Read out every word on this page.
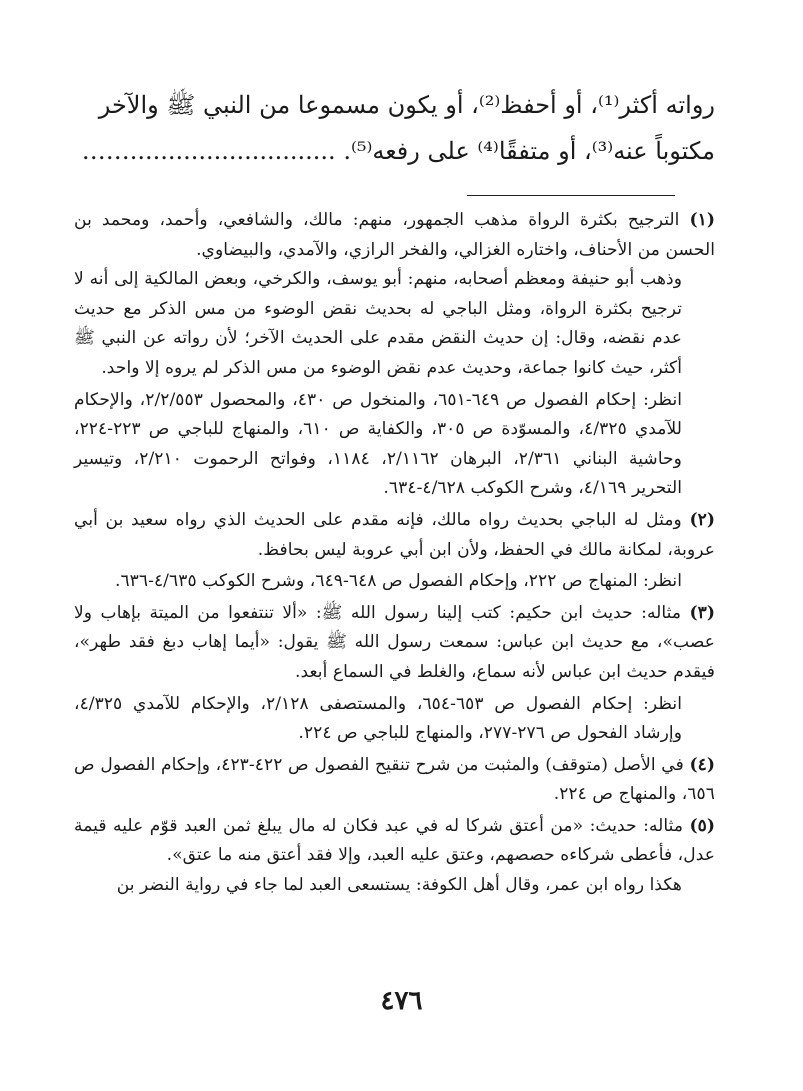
رواته أكثر⁽¹⁾، أو أحفظ⁽²⁾، أو يكون مسموعا من النبي ﷺ والآخر

مكتوباً عنه⁽³⁾، أو متفقًا⁽⁴⁾ على رفعه⁽⁵⁾. ...........................……

(١) الترجيح بكثرة الرواة مذهب الجمهور، منهم: مالك، والشافعي، وأحمد، ومحمد بن الحسن من الأحناف، واختاره الغزالي، والفخر الرازي، والآمدي، والبيضاوي.

وذهب أبو حنيفة ومعظم أصحابه، منهم: أبو يوسف، والكرخي، وبعض المالكية إلى أنه لا ترجيح بكثرة الرواة، ومثل الباجي له بحديث نقض الوضوء من مس الذكر مع حديث عدم نقضه، وقال: إن حديث النقض مقدم على الحديث الآخر؛ لأن رواته عن النبي ﷺ أكثر، حيث كانوا جماعة، وحديث عدم نقض الوضوء من مس الذكر لم يروه إلا واحد.

انظر: إحكام الفصول ص ٦٤٩-٦٥١، والمنخول ص ٤٣٠، والمحصول ٢/٢/٥٥٣، والإحكام للآمدي ٤/٣٢٥، والمسوّدة ص ٣٠٥، والكفاية ص ٦١٠، والمنهاج للباجي ص ٢٢٣-٢٢٤، وحاشية البناني ٢/٣٦١، البرهان ٢/١١٦٢، ١١٨٤، وفواتح الرحموت ٢/٢١٠، وتيسير التحرير ٤/١٦٩، وشرح الكوكب ٤/٦٢٨-٦٣٤.

(٢) ومثل له الباجي بحديث رواه مالك، فإنه مقدم على الحديث الذي رواه سعيد بن أبي عروبة، لمكانة مالك في الحفظ، ولأن ابن أبي عروبة ليس بحافظ.

انظر: المنهاج ص ٢٢٢، وإحكام الفصول ص ٦٤٨-٦٤٩، وشرح الكوكب ٤/٦٣٥-٦٣٦.

(٣) مثاله: حديث ابن حكيم: كتب إلينا رسول الله ﷺ: «ألا تنتفعوا من الميتة بإهاب ولا عصب»، مع حديث ابن عباس: سمعت رسول الله ﷺ يقول: «أيما إهاب دبغ فقد طهر»، فيقدم حديث ابن عباس لأنه سماع، والغلط في السماع أبعد.

انظر: إحكام الفصول ص ٦٥٣-٦٥٤، والمستصفى ٢/١٢٨، والإحكام للآمدي ٤/٣٢٥، وإرشاد الفحول ص ٢٧٦-٢٧٧، والمنهاج للباجي ص ٢٢٤.

(٤) في الأصل (متوقف) والمثبت من شرح تنقيح الفصول ص ٤٢٢-٤٢٣، وإحكام الفصول ص ٦٥٦، والمنهاج ص ٢٢٤.

(٥) مثاله: حديث: «من أعتق شركا له في عبد فكان له مال يبلغ ثمن العبد قوّم عليه قيمة عدل، فأعطى شركاءه حصصهم، وعتق عليه العبد، وإلا فقد أعتق منه ما عتق».

هكذا رواه ابن عمر، وقال أهل الكوفة: يستسعى العبد لما جاء في رواية النضر بن

٤٧٦
